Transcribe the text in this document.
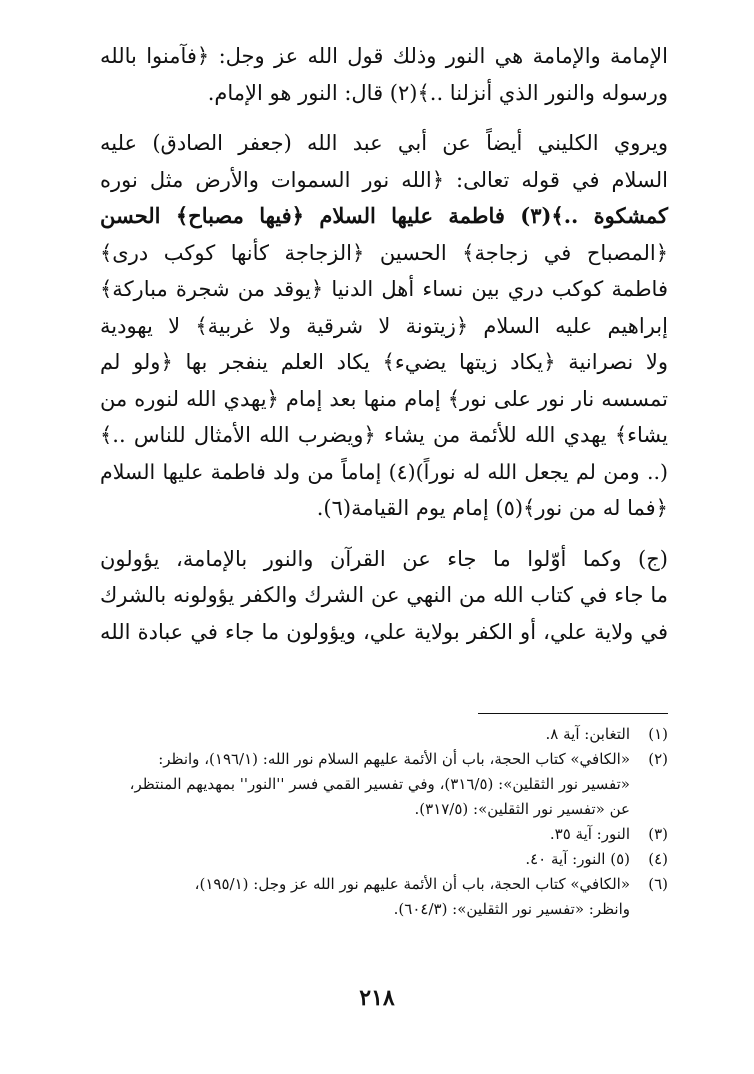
الإمامة والإمامة هي النور وذلك قول الله عز وجل: ﴿فآمنوا بالله
ورسوله والنور الذي أنزلنا ..﴾(٢) قال: النور هو الإمام.
ويروي الكليني أيضاً عن أبي عبد الله (جعفر الصادق) عليه
السلام في قوله تعالى: ﴿الله نور السموات والأرض مثل نوره
كمشكوة ..﴾(٣) فاطمة عليها السلام ﴿فيها مصباح﴾ الحسن
﴿المصباح في زجاجة﴾ الحسين ﴿الزجاجة كأنها كوكب درى﴾
فاطمة كوكب دري بين نساء أهل الدنيا ﴿يوقد من شجرة مباركة﴾
إبراهيم عليه السلام ﴿زيتونة لا شرقية ولا غربية﴾ لا يهودية
ولا نصرانية ﴿يكاد زيتها يضيء﴾ يكاد العلم ينفجر بها ﴿ولو لم
تمسسه نار نور على نور﴾ إمام منها بعد إمام ﴿يهدي الله لنوره من
يشاء﴾ يهدي الله للأئمة من يشاء ﴿ويضرب الله الأمثال للناس ..﴾
(.. ومن لم يجعل الله له نوراً)(٤) إماماً من ولد فاطمة عليها السلام
﴿فما له من نور﴾(٥) إمام يوم القيامة(٦).
(ج) وكما أوّلوا ما جاء عن القرآن والنور بالإمامة، يؤولون
ما جاء في كتاب الله من النهي عن الشرك والكفر يؤولونه بالشرك
في ولاية علي، أو الكفر بولاية علي، ويؤولون ما جاء في عبادة الله
(١)التغابن: آية ٨.
(٢)«الكافي» كتاب الحجة، باب أن الأئمة عليهم السلام نور الله: (١٩٦/١)، وانظر:
«تفسير نور الثقلين»: (٣١٦/٥)، وفي تفسير القمي فسر ''النور'' بمهديهم المنتظر،
عن «تفسير نور الثقلين»: (٣١٧/٥).
(٣)النور: آية ٣٥.
(٤)(٥) النور: آية ٤٠.
(٦)«الكافي» كتاب الحجة، باب أن الأئمة عليهم نور الله عز وجل: (١٩٥/١)،
وانظر: «تفسير نور الثقلين»: (٦٠٤/٣).
٢١٨
